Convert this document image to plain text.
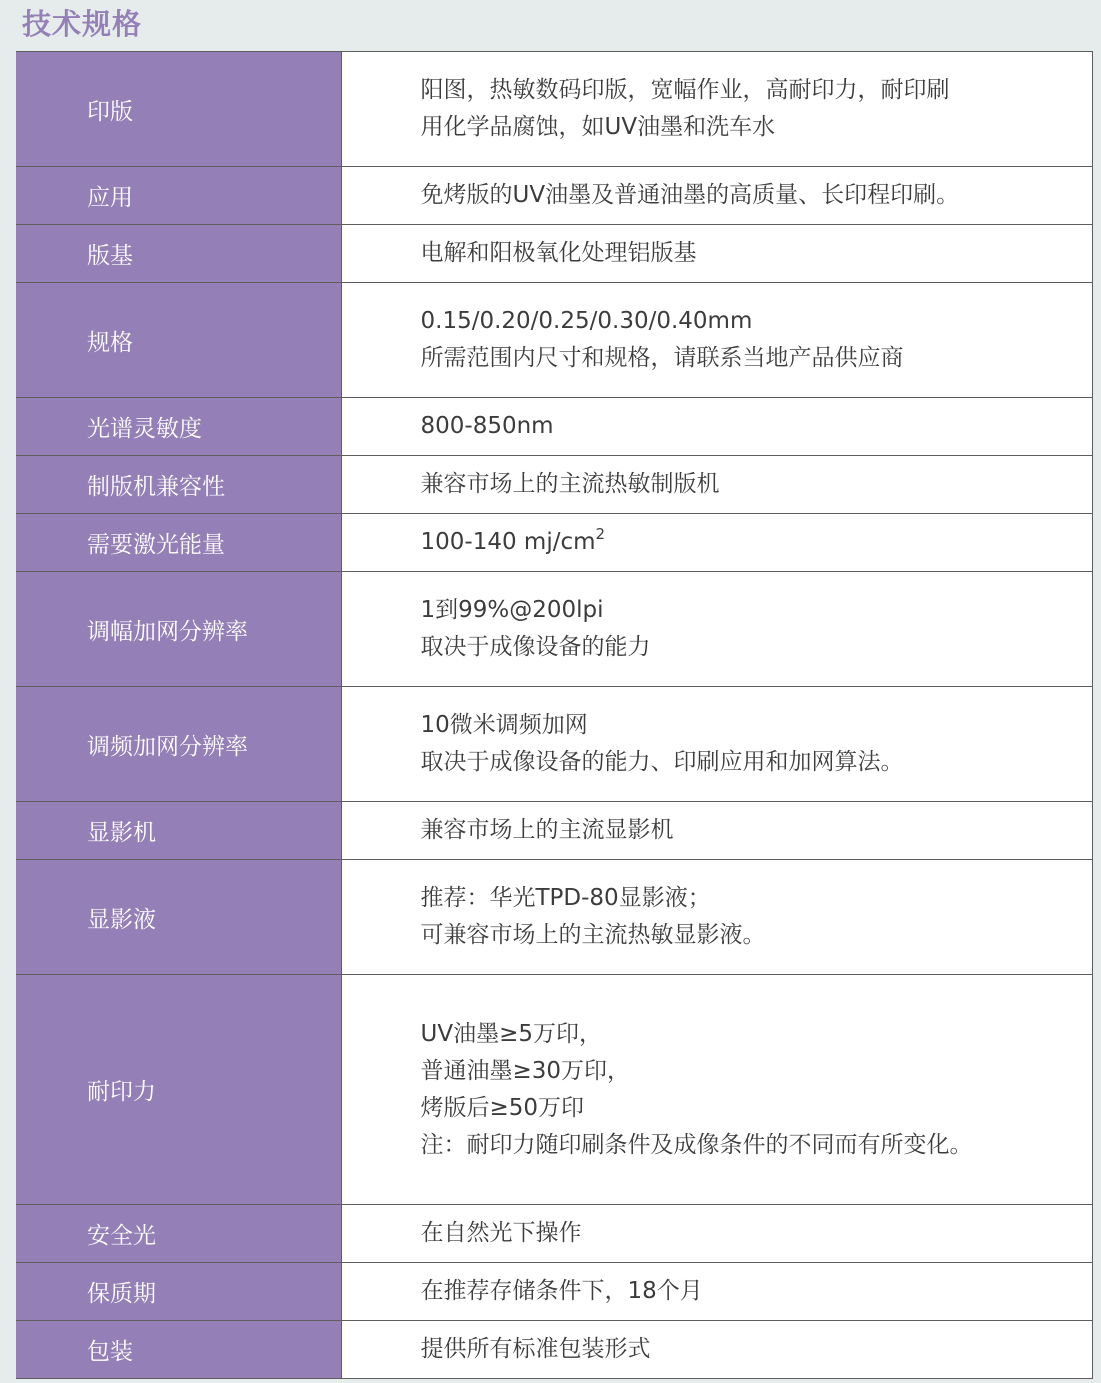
技术规格
印版	阳图，热敏数码印版，宽幅作业，高耐印力，耐印刷
用化学品腐蚀，如UV油墨和洗车水

应用	免烤版的UV油墨及普通油墨的高质量、长印程印刷。

版基	电解和阳极氧化处理铝版基

规格	0.15/0.20/0.25/0.30/0.40mm
所需范围内尺寸和规格，请联系当地产品供应商

光谱灵敏度	800-850nm

制版机兼容性	兼容市场上的主流热敏制版机

需要激光能量	100-140 $mj/cm^2$

调幅加网分辨率	1到99%@200lpi
取决于成像设备的能力

调频加网分辨率	10微米调频加网
取决于成像设备的能力、印刷应用和加网算法。

显影机	兼容市场上的主流显影机

显影液	推荐：华光TPD-80显影液；
可兼容市场上的主流热敏显影液。

耐印力	UV油墨≥5万印，
普通油墨≥30万印，
烤版后≥50万印
注：耐印力随印刷条件及成像条件的不同而有所变化。

安全光	在自然光下操作

保质期	在推荐存储条件下，18个月

包装	提供所有标准包装形式
